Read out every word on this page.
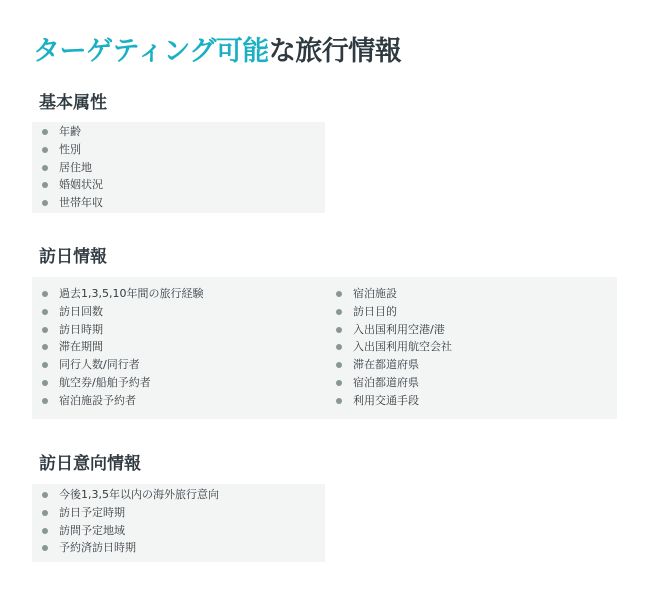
ターゲティング可能な旅行情報
基本属性
年齢
性別
居住地
婚姻状況
世帯年収
訪日情報
過去1,3,5,10年間の旅行経験
訪日回数
訪日時期
滞在期間
同行人数/同行者
航空券/船舶予約者
宿泊施設予約者
宿泊施設
訪日目的
入出国利用空港/港
入出国利用航空会社
滞在都道府県
宿泊都道府県
利用交通手段
訪日意向情報
今後1,3,5年以内の海外旅行意向
訪日予定時期
訪問予定地域
予約済訪日時期
